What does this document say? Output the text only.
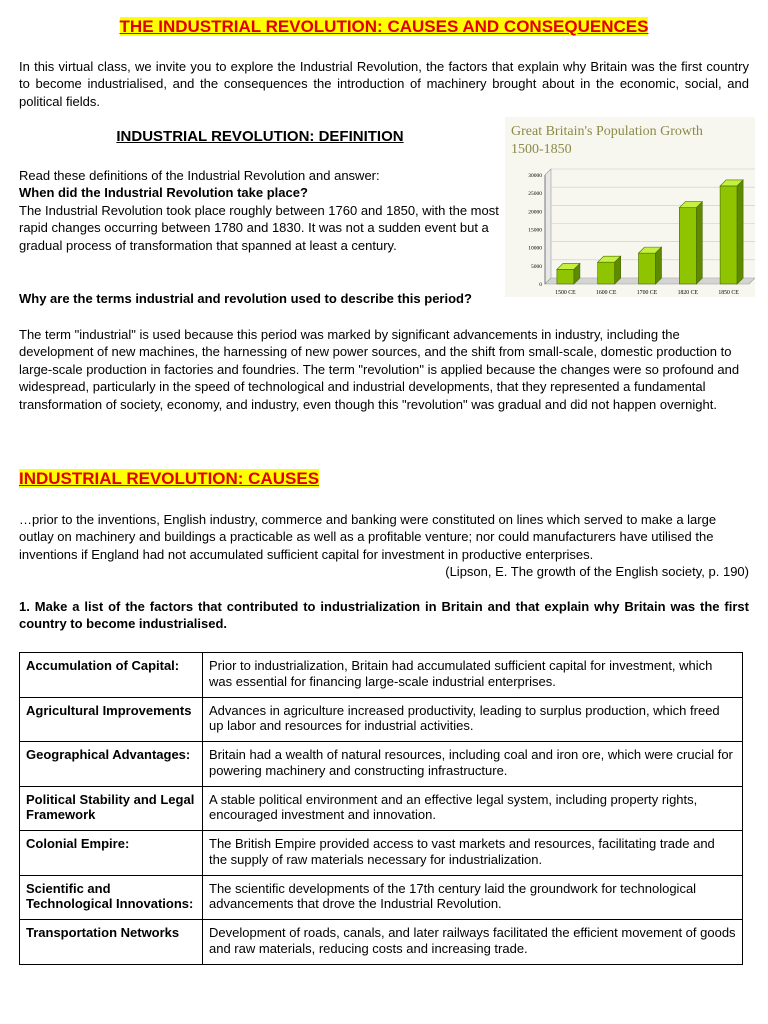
THE INDUSTRIAL REVOLUTION: CAUSES AND CONSEQUENCES

In this virtual class, we invite you to explore the Industrial Revolution, the factors that explain why Britain was the first country to become industrialised, and the consequences the introduction of machinery brought about in the economic, social, and political fields.

INDUSTRIAL REVOLUTION: DEFINITION
Read these definitions of the Industrial Revolution and answer:
When did the Industrial Revolution take place?
The Industrial Revolution took place roughly between 1760 and 1850, with the most rapid changes occurring between 1780 and 1830. It was not a sudden event but a gradual process of transformation that spanned at least a century.
Why are the terms industrial and revolution used to describe this period?
The term "industrial" is used because this period was marked by significant advancements in industry, including the development of new machines, the harnessing of new power sources, and the shift from small-scale, domestic production to large-scale production in factories and foundries. The term "revolution" is applied because the changes were so profound and widespread, particularly in the speed of technological and industrial developments, that they represented a fundamental transformation of society, economy, and industry, even though this "revolution" was gradual and did not happen overnight.
Great Britain's Population Growth
1500-1850
0
5000
10000
15000
20000
25000
30000
1500 CE	1600 CE	1700 CE	1820 CE	1850 CE
INDUSTRIAL REVOLUTION: CAUSES

…prior to the inventions, English industry, commerce and banking were constituted on lines which served to make a large outlay on machinery and buildings a practicable as well as a profitable venture; nor could manufacturers have utilised the inventions if England had not accumulated sufficient capital for investment in productive enterprises.

(Lipson, E. The growth of the English society, p. 190)

1. Make a list of the factors that contributed to industrialization in Britain and that explain why Britain was the first country to become industrialised.

Accumulation of Capital:	Prior to industrialization, Britain had accumulated sufficient capital for investment, which was essential for financing large-scale industrial enterprises.
Agricultural Improvements	Advances in agriculture increased productivity, leading to surplus production, which freed up labor and resources for industrial activities.
Geographical Advantages:	Britain had a wealth of natural resources, including coal and iron ore, which were crucial for powering machinery and constructing infrastructure.
Political Stability and Legal Framework	A stable political environment and an effective legal system, including property rights, encouraged investment and innovation.
Colonial Empire:	The British Empire provided access to vast markets and resources, facilitating trade and the supply of raw materials necessary for industrialization.
Scientific and Technological Innovations:	The scientific developments of the 17th century laid the groundwork for technological advancements that drove the Industrial Revolution.
Transportation Networks	Development of roads, canals, and later railways facilitated the efficient movement of goods and raw materials, reducing costs and increasing trade.
